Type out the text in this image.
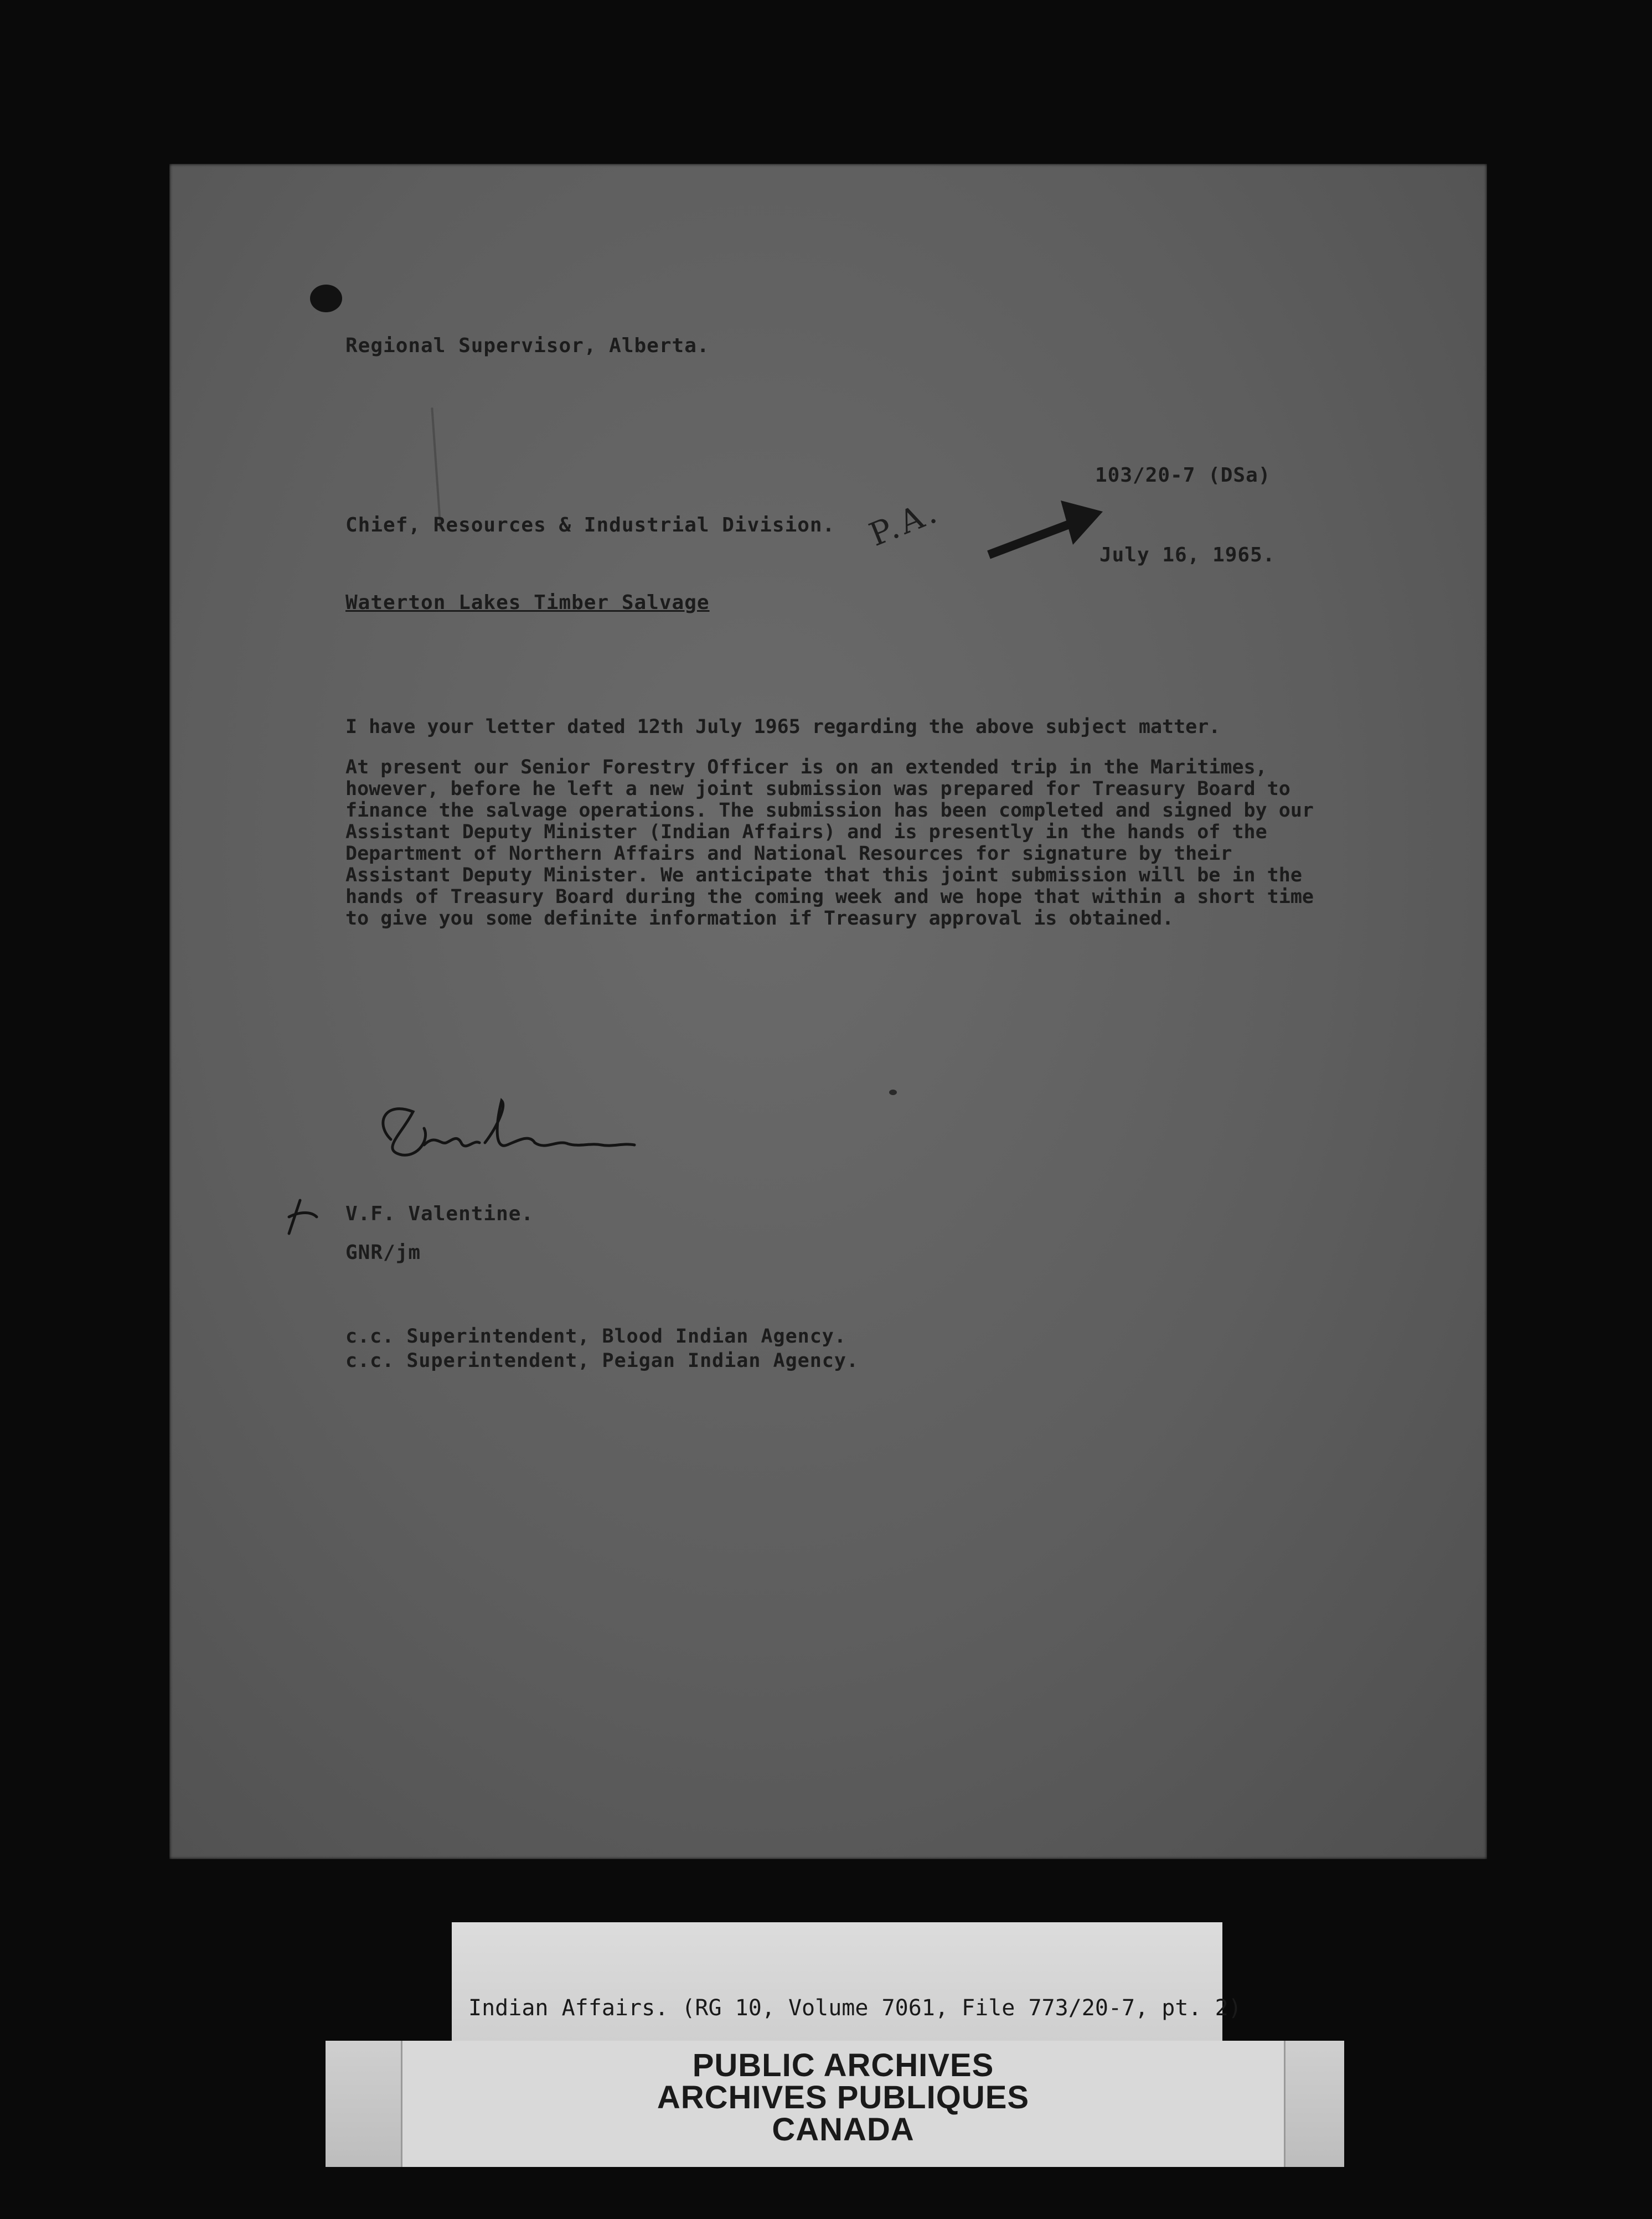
Regional Supervisor, Alberta.
103/20-7 (DSa)
Chief, Resources & Industrial Division.
July 16, 1965.
Waterton Lakes Timber Salvage
P.A.

I have your letter dated 12th July 1965 regarding the above subject matter.

At present our Senior Forestry Officer is on an extended trip in the Maritimes, however, before he left a new joint submission was prepared for Treasury Board to finance the salvage operations. The submission has been completed and signed by our Assistant Deputy Minister (Indian Affairs) and is presently in the hands of the Department of Northern Affairs and National Resources for signature by their Assistant Deputy Minister. We anticipate that this joint submission will be in the hands of Treasury Board during the coming week and we hope that within a short time to give you some definite information if Treasury approval is obtained.

V.F. Valentine.
GNR/jm
c.c. Superintendent, Blood Indian Agency.
c.c. Superintendent, Peigan Indian Agency.
Indian Affairs. (RG 10, Volume 7061, File 773/20-7, pt. 2)
PUBLIC ARCHIVES
ARCHIVES PUBLIQUES
CANADA
